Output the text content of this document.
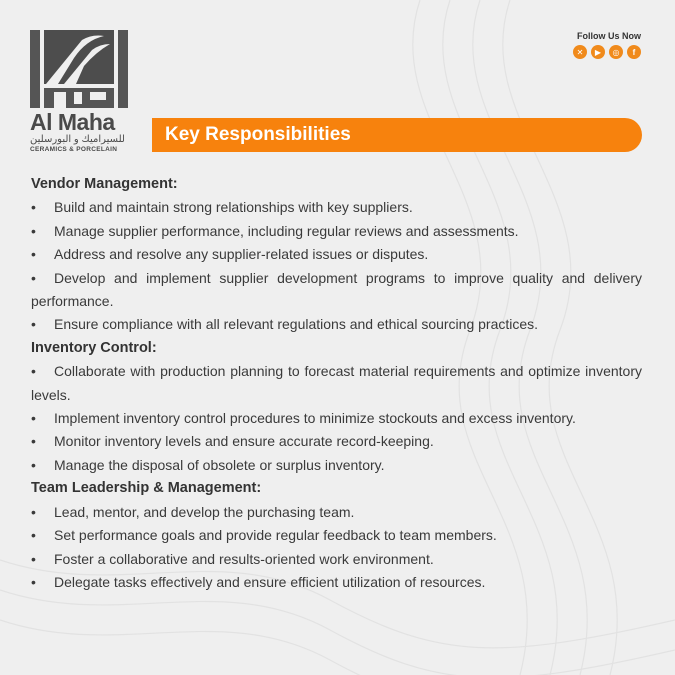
Al Maha
للسيراميك و البورسلين
CERAMICS & PORCELAIN
Follow Us Now
✕	▶	◎	f
Key Responsibilities
Vendor Management:
• Build and maintain strong relationships with key suppliers.
• Manage supplier performance, including regular reviews and assessments.
• Address and resolve any supplier-related issues or disputes.
• Develop and implement supplier development programs to improve quality and delivery performance.
• Ensure compliance with all relevant regulations and ethical sourcing practices.
Inventory Control:
• Collaborate with production planning to forecast material requirements and optimize inventory levels.
• Implement inventory control procedures to minimize stockouts and excess inventory.
• Monitor inventory levels and ensure accurate record-keeping.
• Manage the disposal of obsolete or surplus inventory.
Team Leadership & Management:
• Lead, mentor, and develop the purchasing team.
• Set performance goals and provide regular feedback to team members.
• Foster a collaborative and results-oriented work environment.
• Delegate tasks effectively and ensure efficient utilization of resources.
